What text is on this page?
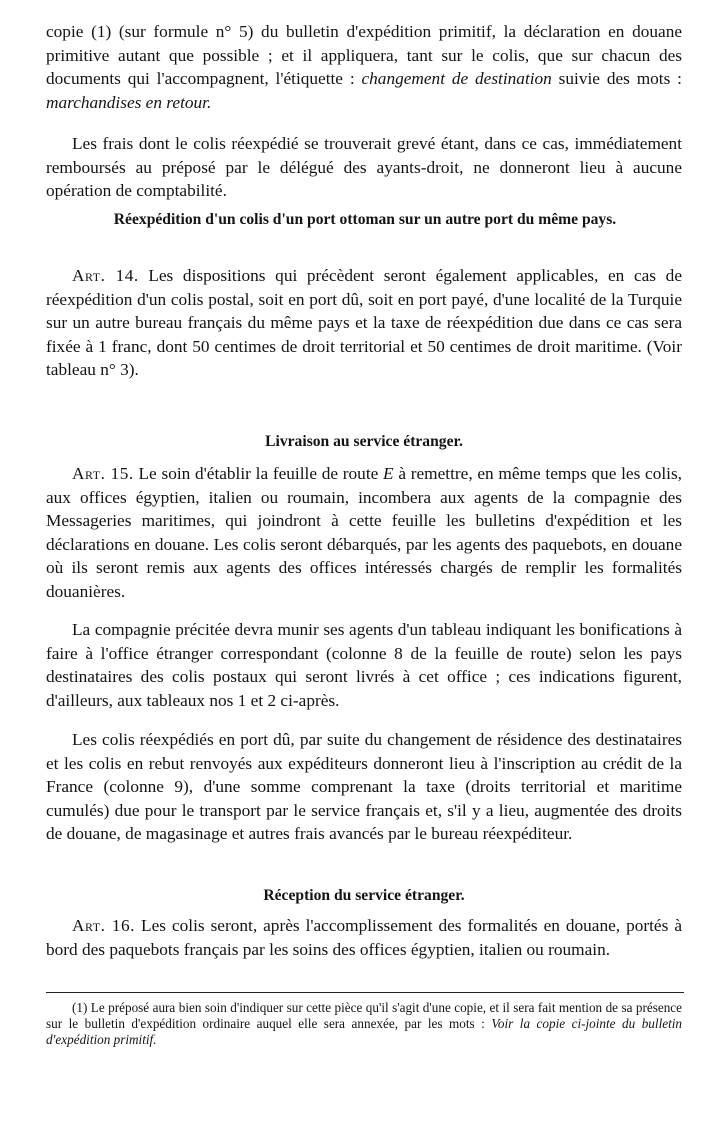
copie (1) (sur formule n° 5) du bulletin d'expédition primitif, la déclaration en douane primitive autant que possible ; et il appliquera, tant sur le colis, que sur chacun des documents qui l'accompagnent, l'étiquette : changement de destination suivie des mots : marchandises en retour.

Les frais dont le colis réexpédié se trouverait grevé étant, dans ce cas, immédiatement remboursés au préposé par le délégué des ayants-droit, ne donneront lieu à aucune opération de comptabilité.

Réexpédition d'un colis d'un port ottoman sur un autre port du même pays.

Art. 14. Les dispositions qui précèdent seront également applicables, en cas de réexpédition d'un colis postal, soit en port dû, soit en port payé, d'une localité de la Turquie sur un autre bureau français du même pays et la taxe de réexpédition due dans ce cas sera fixée à 1 franc, dont 50 centimes de droit territorial et 50 centimes de droit maritime. (Voir tableau n° 3).

Livraison au service étranger.

Art. 15. Le soin d'établir la feuille de route E à remettre, en même temps que les colis, aux offices égyptien, italien ou roumain, incombera aux agents de la compagnie des Messageries maritimes, qui joindront à cette feuille les bulletins d'expédition et les déclarations en douane. Les colis seront débarqués, par les agents des paquebots, en douane où ils seront remis aux agents des offices intéressés chargés de remplir les formalités douanières.

La compagnie précitée devra munir ses agents d'un tableau indiquant les bonifications à faire à l'office étranger correspondant (colonne 8 de la feuille de route) selon les pays destinataires des colis postaux qui seront livrés à cet office ; ces indications figurent, d'ailleurs, aux tableaux nos 1 et 2 ci-après.

Les colis réexpédiés en port dû, par suite du changement de résidence des destinataires et les colis en rebut renvoyés aux expéditeurs donneront lieu à l'inscription au crédit de la France (colonne 9), d'une somme comprenant la taxe (droits territorial et maritime cumulés) due pour le transport par le service français et, s'il y a lieu, augmentée des droits de douane, de magasinage et autres frais avancés par le bureau réexpéditeur.

Réception du service étranger.

Art. 16. Les colis seront, après l'accomplissement des formalités en douane, portés à bord des paquebots français par les soins des offices égyptien, italien ou roumain.

(1) Le préposé aura bien soin d'indiquer sur cette pièce qu'il s'agit d'une copie, et il sera fait mention de sa présence sur le bulletin d'expédition ordinaire auquel elle sera annexée, par les mots : Voir la copie ci-jointe du bulletin d'expédition primitif.
